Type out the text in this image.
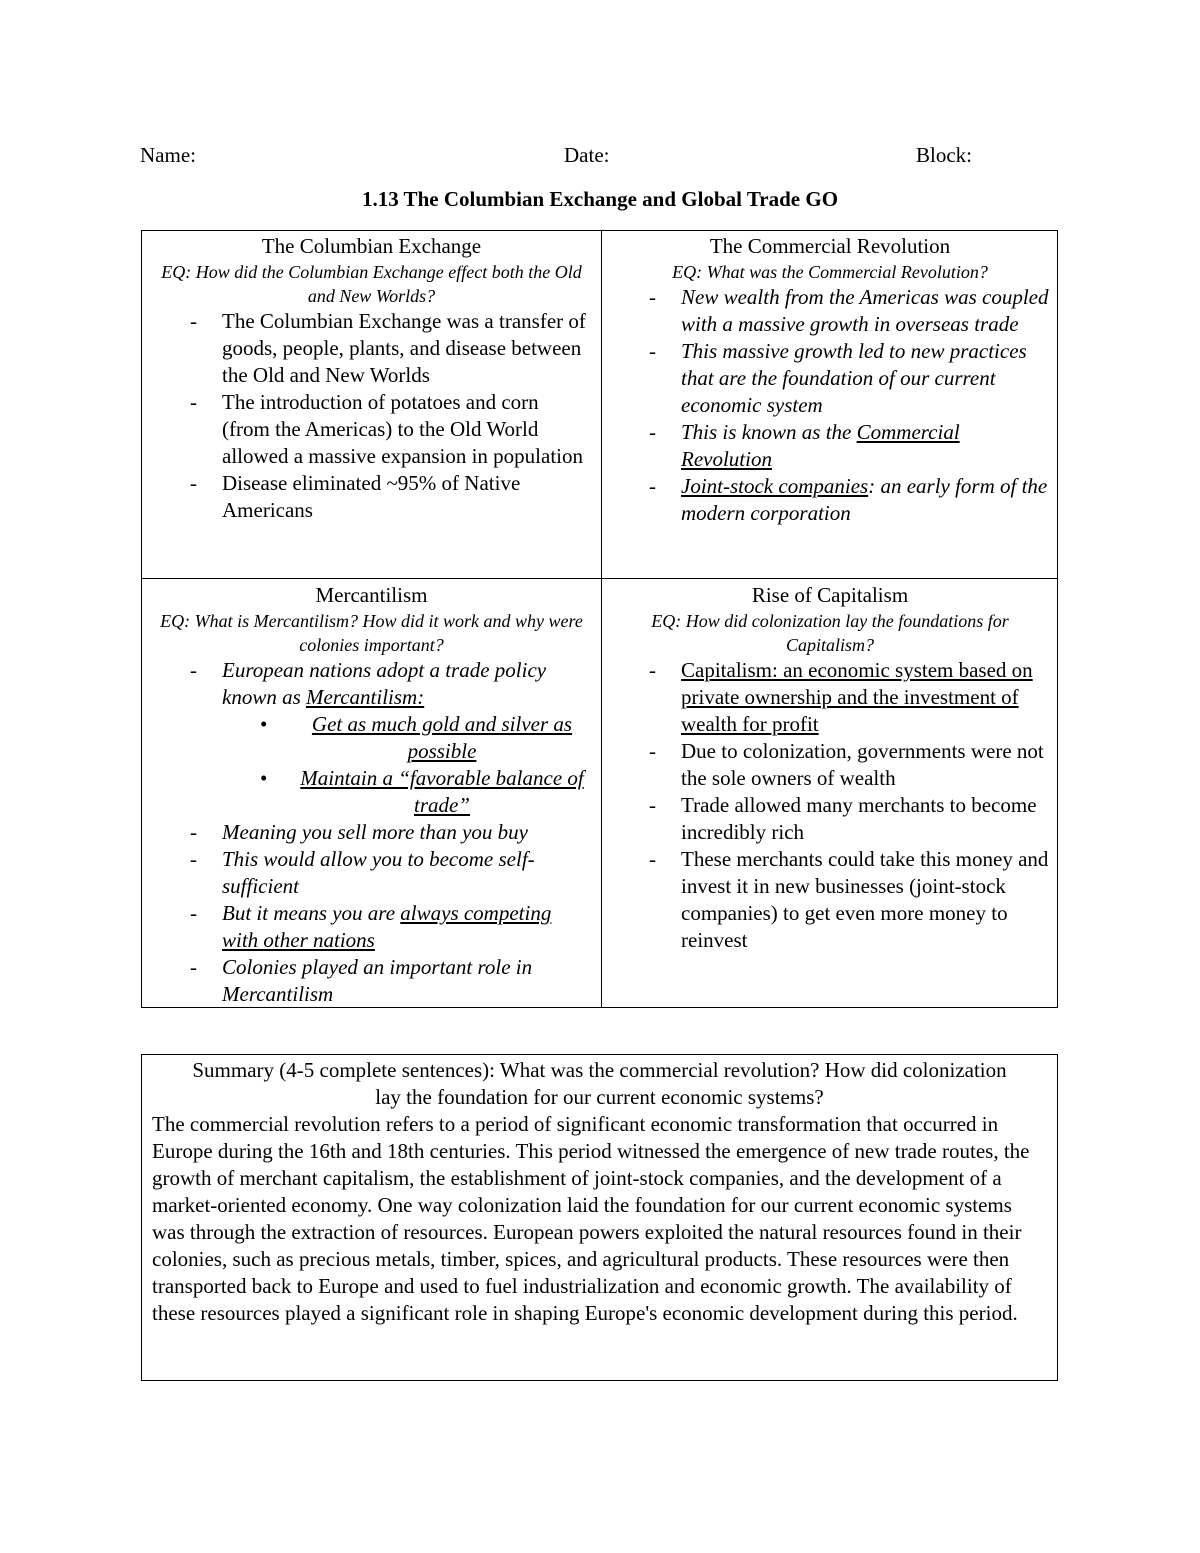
Name:	Date:	Block:
1.13 The Columbian Exchange and Global Trade GO
The Columbian Exchange
EQ: How did the Columbian Exchange effect both the Old and New Worlds?
- The Columbian Exchange was a transfer of goods, people, plants, and disease between the Old and New Worlds
- The introduction of potatoes and corn (from the Americas) to the Old World allowed a massive expansion in population
- Disease eliminated ~95% of Native Americans
The Commercial Revolution
EQ: What was the Commercial Revolution?
- New wealth from the Americas was coupled with a massive growth in overseas trade
- This massive growth led to new practices that are the foundation of our current economic system
- This is known as the Commercial Revolution
- Joint-stock companies: an early form of the modern corporation
Mercantilism
EQ: What is Mercantilism? How did it work and why were colonies important?
- European nations adopt a trade policy known as Mercantilism:
• Get as much gold and silver as possible
• Maintain a “favorable balance of trade”
- Meaning you sell more than you buy
- This would allow you to become self-sufficient
- But it means you are always competing with other nations
- Colonies played an important role in Mercantilism
Rise of Capitalism
EQ: How did colonization lay the foundations for Capitalism?
- Capitalism: an economic system based on private ownership and the investment of wealth for profit
- Due to colonization, governments were not the sole owners of wealth
- Trade allowed many merchants to become incredibly rich
- These merchants could take this money and invest it in new businesses (joint-stock companies) to get even more money to reinvest
Summary (4-5 complete sentences): What was the commercial revolution? How did colonization lay the foundation for our current economic systems?
The commercial revolution refers to a period of significant economic transformation that occurred in Europe during the 16th and 18th centuries. This period witnessed the emergence of new trade routes, the growth of merchant capitalism, the establishment of joint-stock companies, and the development of a market-oriented economy. One way colonization laid the foundation for our current economic systems was through the extraction of resources. European powers exploited the natural resources found in their colonies, such as precious metals, timber, spices, and agricultural products. These resources were then transported back to Europe and used to fuel industrialization and economic growth. The availability of these resources played a significant role in shaping Europe's economic development during this period.
